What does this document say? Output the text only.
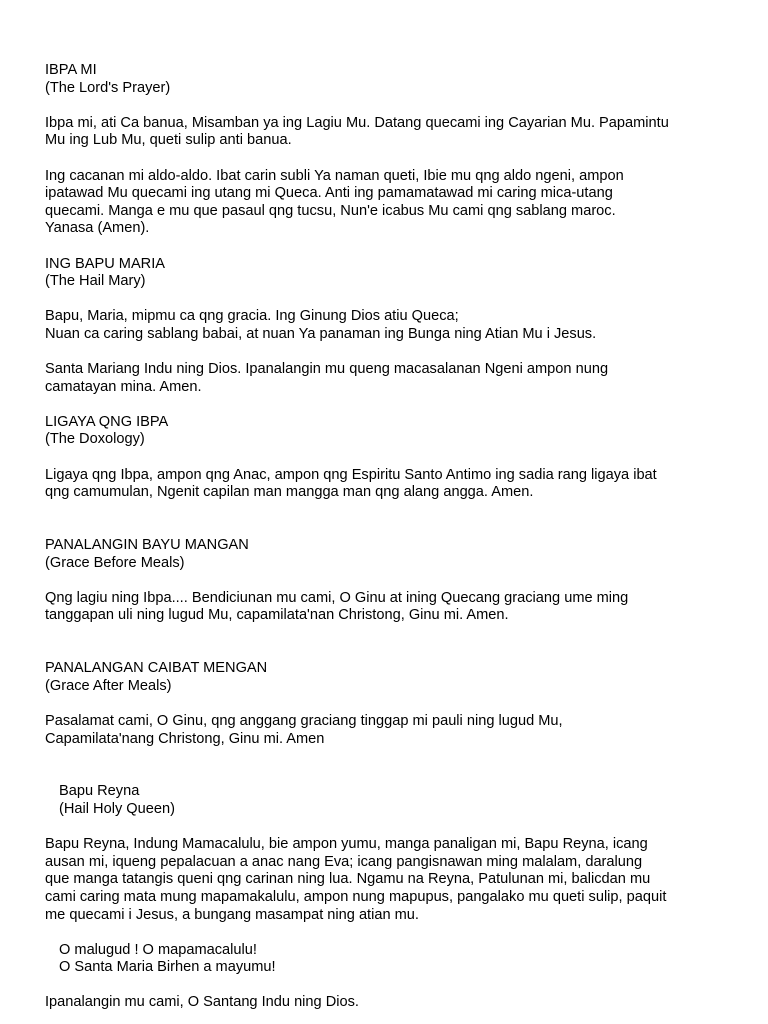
IBPA MI
(The Lord's Prayer)
Ibpa mi, ati Ca banua, Misamban ya ing Lagiu Mu. Datang quecami ing Cayarian Mu. Papamintu
Mu ing Lub Mu, queti sulip anti banua.
Ing cacanan mi aldo-aldo. Ibat carin subli Ya naman queti, Ibie mu qng aldo ngeni, ampon
ipatawad Mu quecami ing utang mi Queca. Anti ing pamamatawad mi caring mica-utang
quecami. Manga e mu que pasaul qng tucsu, Nun'e icabus Mu cami qng sablang maroc.
Yanasa (Amen).
ING BAPU MARIA
(The Hail Mary)
Bapu, Maria, mipmu ca qng gracia. Ing Ginung Dios atiu Queca;
Nuan ca caring sablang babai, at nuan Ya panaman ing Bunga ning Atian Mu i Jesus.
Santa Mariang Indu ning Dios. Ipanalangin mu queng macasalanan Ngeni ampon nung
camatayan mina. Amen.
LIGAYA QNG IBPA
(The Doxology)
Ligaya qng Ibpa, ampon qng Anac, ampon qng Espiritu Santo Antimo ing sadia rang ligaya ibat
qng camumulan, Ngenit capilan man mangga man qng alang angga. Amen.
PANALANGIN BAYU MANGAN
(Grace Before Meals)
Qng lagiu ning Ibpa.... Bendiciunan mu cami, O Ginu at ining Quecang graciang ume ming
tanggapan uli ning lugud Mu, capamilata'nan Christong, Ginu mi. Amen.
PANALANGAN CAIBAT MENGAN
(Grace After Meals)
Pasalamat cami, O Ginu, qng anggang graciang tinggap mi pauli ning lugud Mu,
Capamilata'nang Christong, Ginu mi. Amen
Bapu Reyna
(Hail Holy Queen)
Bapu Reyna, Indung Mamacalulu, bie ampon yumu, manga panaligan mi, Bapu Reyna, icang
ausan mi, iqueng pepalacuan a anac nang Eva; icang pangisnawan ming malalam, daralung
que manga tatangis queni qng carinan ning lua. Ngamu na Reyna, Patulunan mi, balicdan mu
cami caring mata mung mapamakalulu, ampon nung mapupus, pangalako mu queti sulip, paquit
me quecami i Jesus, a bungang masampat ning atian mu.
O malugud ! O mapamacalulu!
O Santa Maria Birhen a mayumu!
Ipanalangin mu cami, O Santang Indu ning Dios.
